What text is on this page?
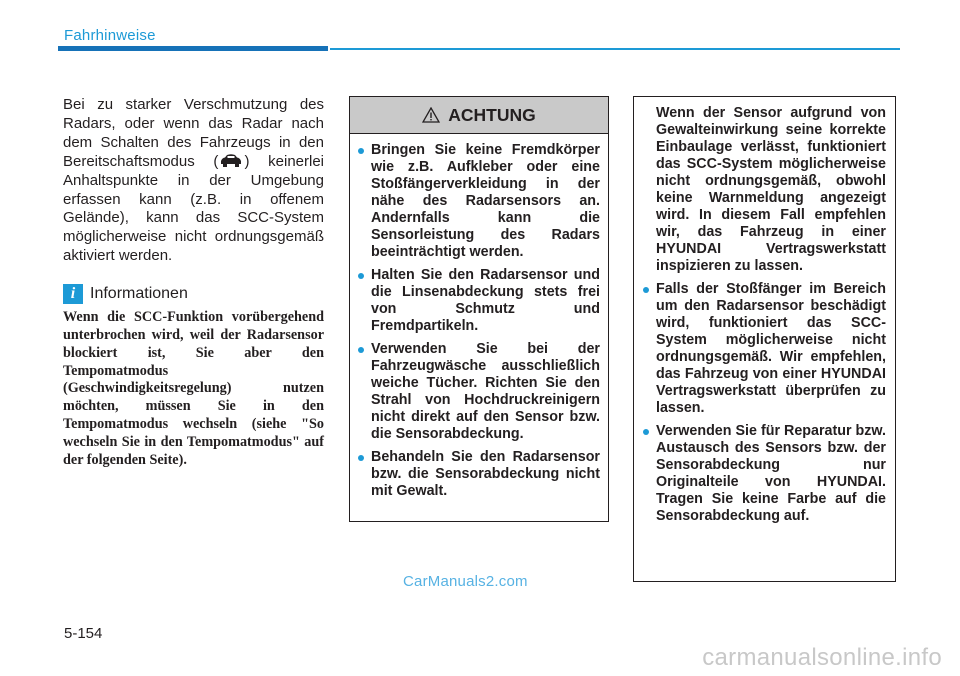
Fahrhinweise

Bei zu starker Verschmutzung des Radars, oder wenn das Radar nach dem Schalten des Fahrzeugs in den Bereitschaftsmodus ( ) keinerlei Anhaltspunkte in der Umgebung erfassen kann (z.B. in offenem Gelände), kann das SCC-System möglicherweise nicht ordnungsgemäß aktiviert werden.

i Informationen

Wenn die SCC-Funktion vorübergehend unterbrochen wird, weil der Radarsensor blockiert ist, Sie aber den Tempomatmodus (Geschwindigkeitsregelung) nutzen möchten, müssen Sie in den Tempomatmodus wechseln (siehe "So wechseln Sie in den Tempomatmodus" auf der folgenden Seite).

ACHTUNG
Bringen Sie keine Fremdkörper wie z.B. Aufkleber oder eine Stoßfängerverkleidung in der nähe des Radarsensors an. Andernfalls kann die Sensorleistung des Radars beeinträchtigt werden.
Halten Sie den Radarsensor und die Linsenabdeckung stets frei von Schmutz und Fremdpartikeln.
Verwenden Sie bei der Fahrzeugwäsche ausschließlich weiche Tücher. Richten Sie den Strahl von Hochdruckreinigern nicht direkt auf den Sensor bzw. die Sensorabdeckung.
Behandeln Sie den Radarsensor bzw. die Sensorabdeckung nicht mit Gewalt.

Wenn der Sensor aufgrund von Gewalteinwirkung seine korrekte Einbaulage verlässt, funktioniert das SCC-System möglicherweise nicht ordnungsgemäß, obwohl keine Warnmeldung angezeigt wird. In diesem Fall empfehlen wir, das Fahrzeug in einer HYUNDAI Vertragswerkstatt inspizieren zu lassen.

Falls der Stoßfänger im Bereich um den Radarsensor beschädigt wird, funktioniert das SCC-System möglicherweise nicht ordnungsgemäß. Wir empfehlen, das Fahrzeug von einer HYUNDAI Vertragswerkstatt überprüfen zu lassen.
Verwenden Sie für Reparatur bzw. Austausch des Sensors bzw. der Sensorabdeckung nur Originalteile von HYUNDAI. Tragen Sie keine Farbe auf die Sensorabdeckung auf.
CarManuals2.com
5-154
carmanualsonline.info
